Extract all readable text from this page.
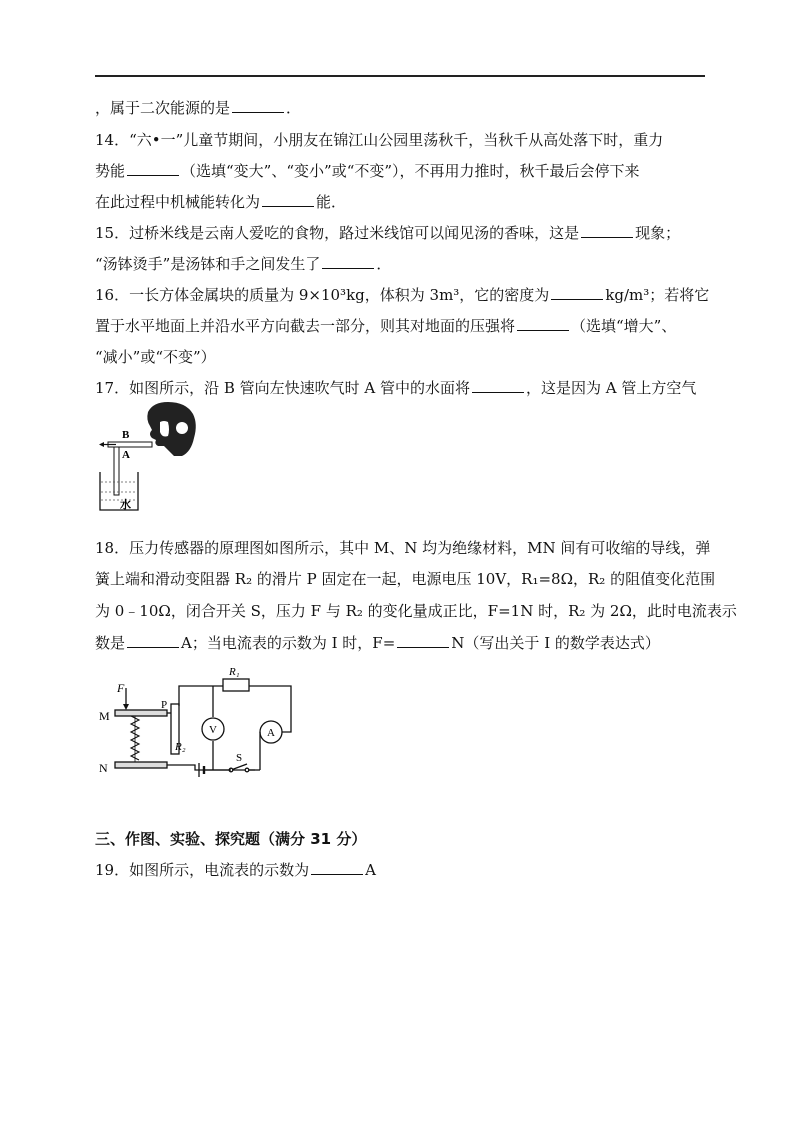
，属于二次能源的是	．
14．“六•一”儿童节期间，小朋友在锦江山公园里荡秋千，当秋千从高处落下时，重力
势能	（选填“变大”、“变小”或“不变”），不再用力推时，秋千最后会停下来
在此过程中机械能转化为	能．
15．过桥米线是云南人爱吃的食物，路过米线馆可以闻见汤的香味，这是	现象；
“汤钵烫手”是汤钵和手之间发生了	．
16．一长方体金属块的质量为 9×10³kg，体积为 3m³，它的密度为	kg/m³；若将它
置于水平地面上并沿水平方向截去一部分，则其对地面的压强将	（选填“增大”、
“减小”或“不变”）
17．如图所示，沿 B 管向左快速吹气时 A 管中的水面将	，这是因为 A 管上方空气
B
A
水
18．压力传感器的原理图如图所示，其中 M、N 均为绝缘材料，MN 间有可收缩的导线，弹
簧上端和滑动变阻器 R₂ 的滑片 P 固定在一起，电源电压 10V，R₁=8Ω，R₂ 的阻值变化范围
为 0﹣10Ω，闭合开关 S，压力 F 与 R₂ 的变化量成正比，F=1N 时，R₂ 为 2Ω，此时电流表示
数是	A；当电流表的示数为 I 时，F=	N（写出关于 I 的数学表达式）
F
M
N
P
R₂
R₁
V	A
S
三、作图、实验、探究题（满分 31 分）
19．如图所示，电流表的示数为	A
